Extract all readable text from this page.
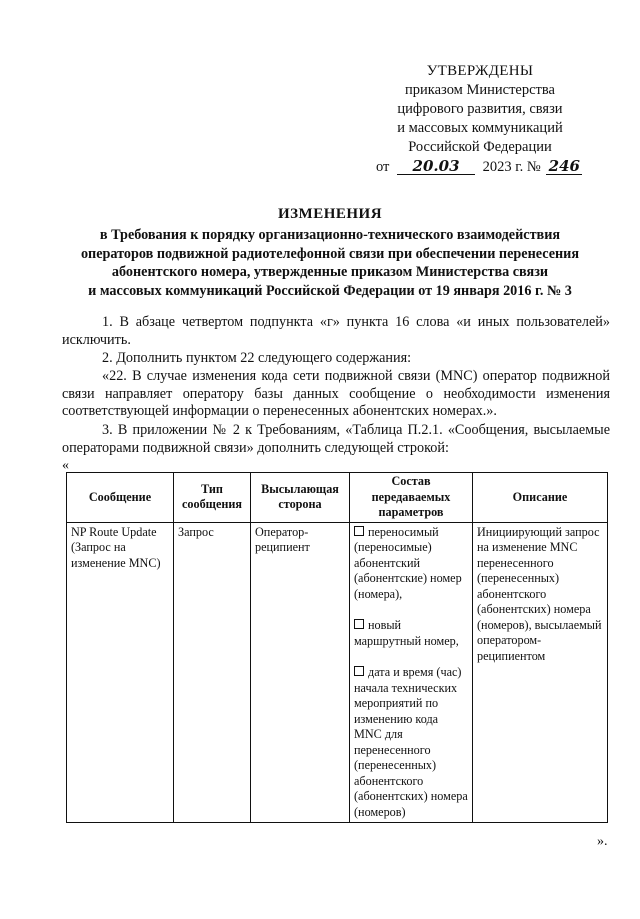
УТВЕРЖДЕНЫ
приказом Министерства
цифрового развития, связи
и массовых коммуникаций
Российской Федерации
от 20.03 2023 г. № 246
ИЗМЕНЕНИЯ
в Требования к порядку организационно-технического взаимодействия
операторов подвижной радиотелефонной связи при обеспечении перенесения
абонентского номера, утвержденные приказом Министерства связи
и массовых коммуникаций Российской Федерации от 19 января 2016 г. № 3

1. В абзаце четвертом подпункта «г» пункта 16 слова «и иных пользователей» исключить.

2. Дополнить пунктом 22 следующего содержания:

«22. В случае изменения кода сети подвижной связи (MNC) оператор подвижной связи направляет оператору базы данных сообщение о необходимости изменения соответствующей информации о перенесенных абонентских номерах.».

3. В приложении № 2 к Требованиям, «Таблица П.2.1. «Сообщения, высылаемые операторами подвижной связи» дополнить следующей строкой:

«
Сообщение	Тип сообщения	Высылающая сторона	Состав передаваемых параметров	Описание
NP Route Update (Запрос на изменение MNC)	Запрос	Оператор-реципиент	переносимый (переносимые) абонентский (абонентские) номер (номера),
новый маршрутный номер,
дата и время (час) начала технических мероприятий по изменению кода MNC для перенесенного (перенесенных) абонентского (абонентских) номера (номеров)	Инициирующий запрос на изменение MNC перенесенного (перенесенных) абонентского (абонентских) номера (номеров), высылаемый оператором-реципиентом
».
